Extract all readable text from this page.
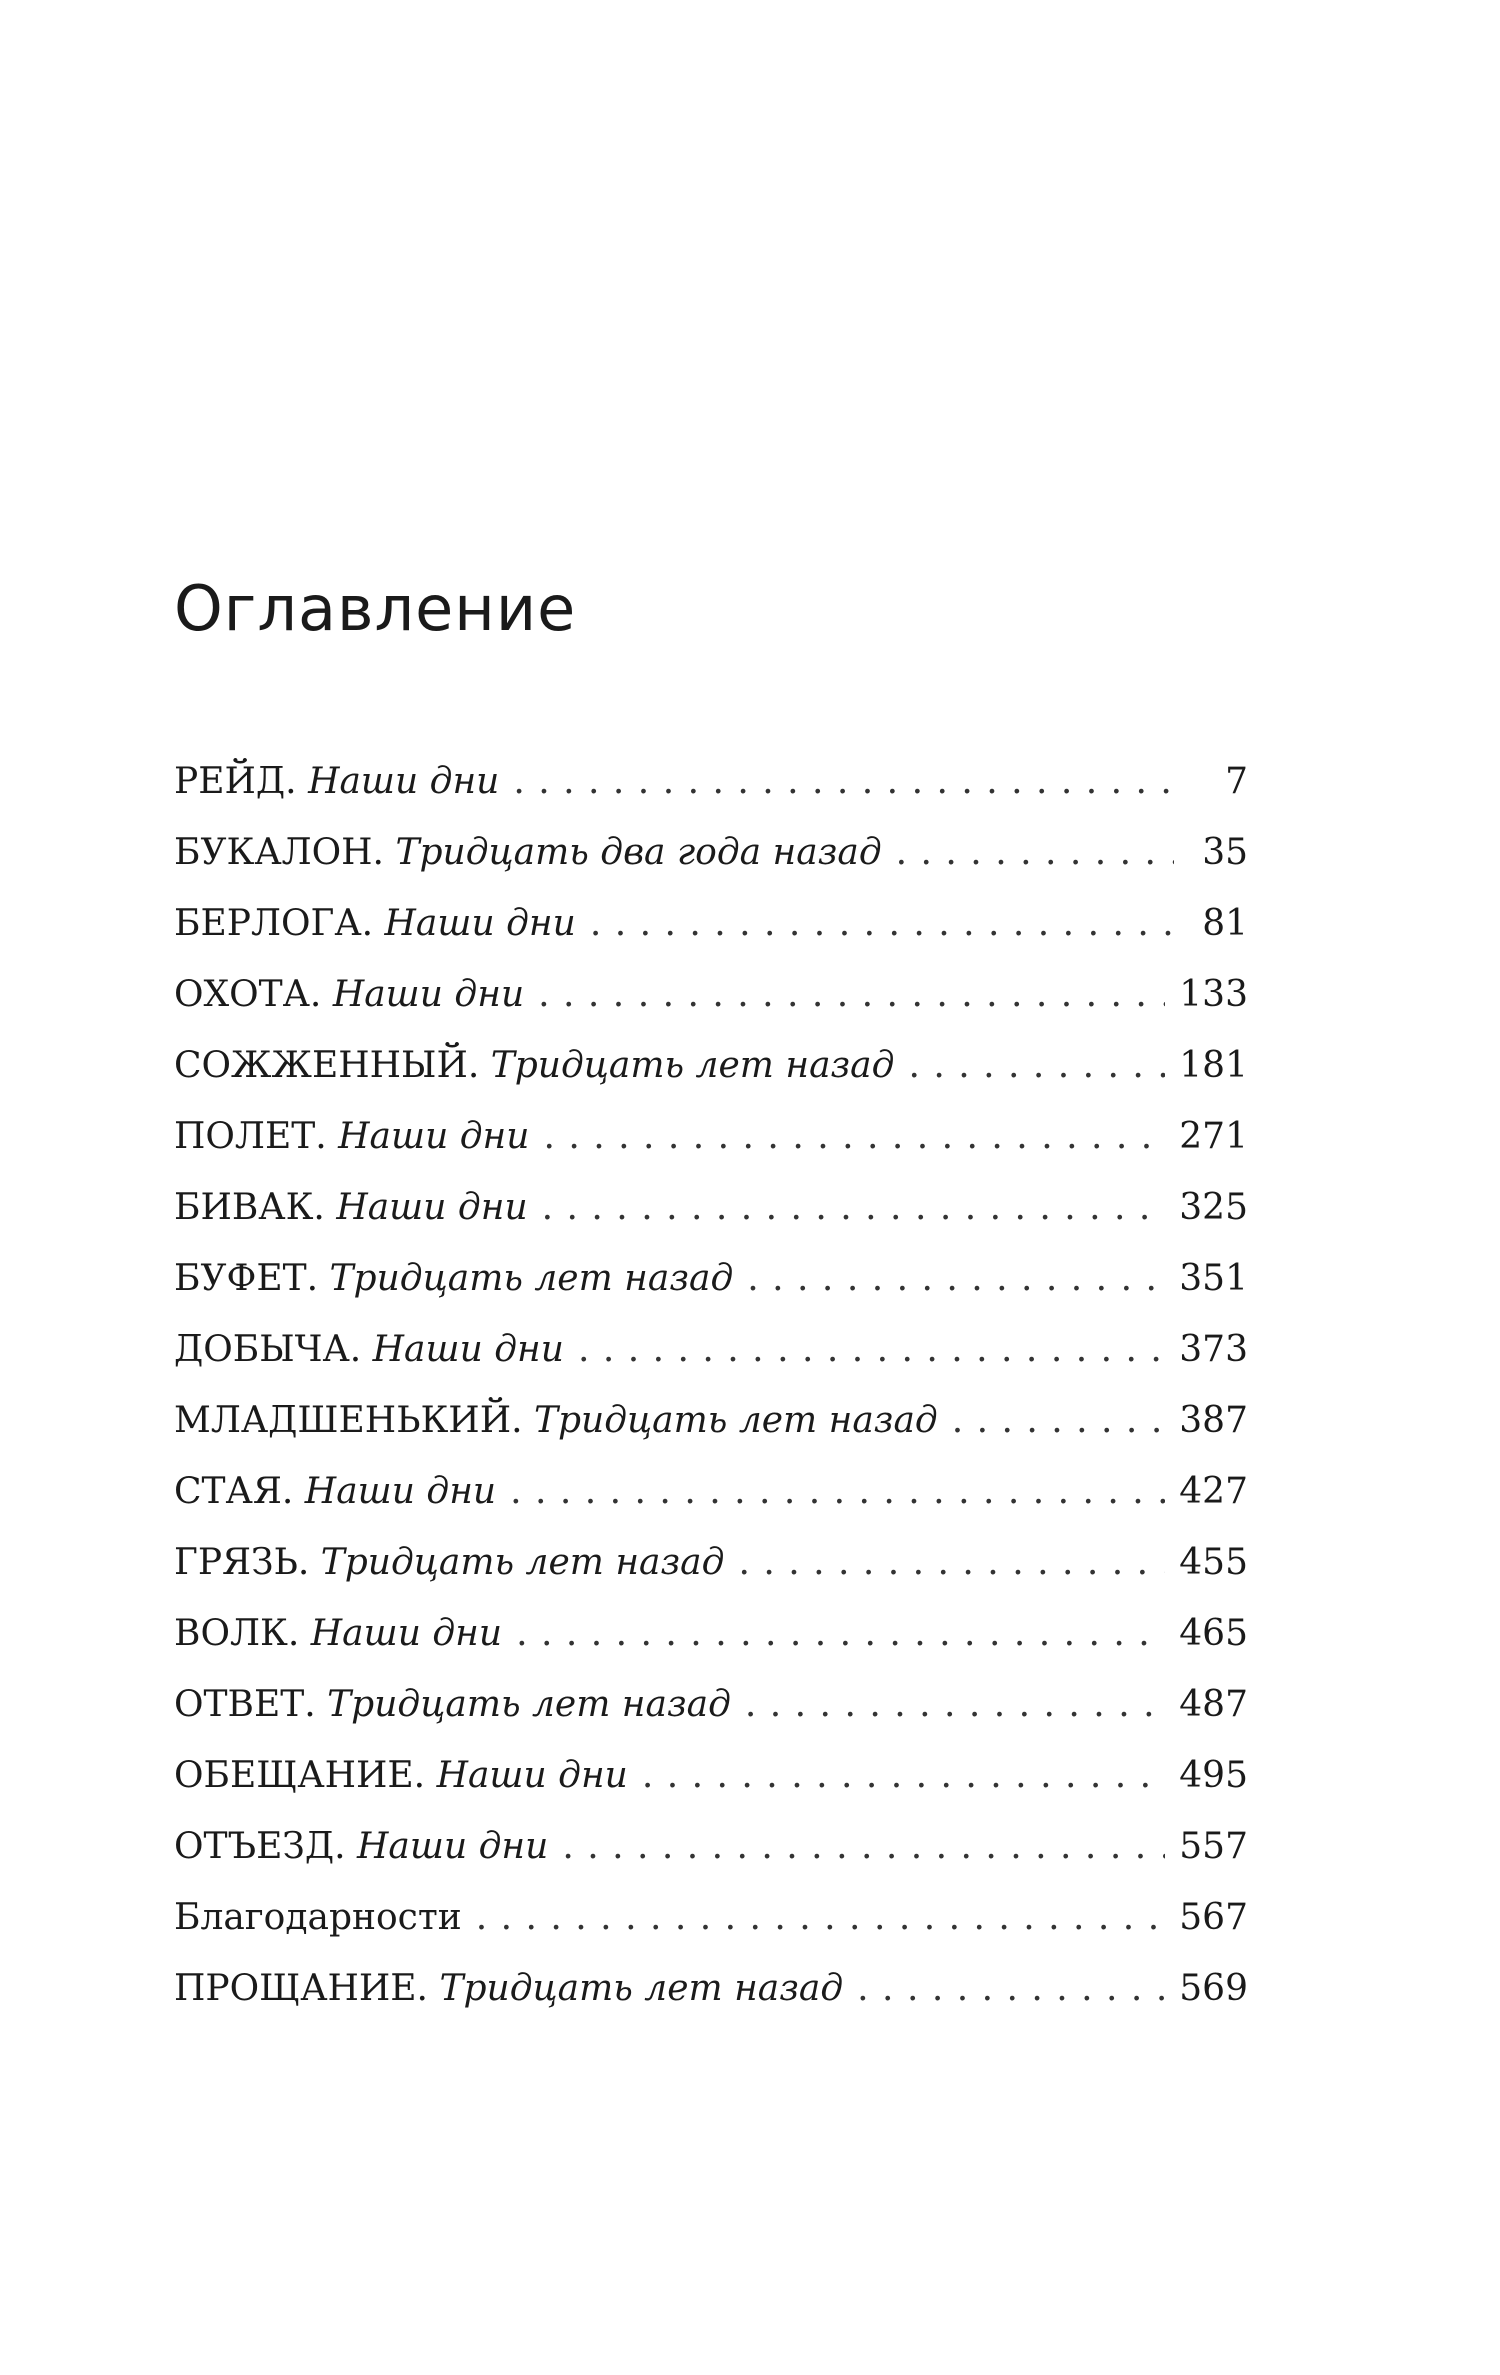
Оглавление
РЕЙД. Наши дни . . .	7
БУКАЛОН. Тридцать два года назад . . .	35
БЕРЛОГА. Наши дни . . .	81
ОХОТА. Наши дни . . .	133
СОЖЖЕННЫЙ. Тридцать лет назад . . .	181
ПОЛЕТ. Наши дни . . .	271
БИВАК. Наши дни . . .	325
БУФЕТ. Тридцать лет назад . . .	351
ДОБЫЧА. Наши дни . . .	373
МЛАДШЕНЬКИЙ. Тридцать лет назад . . .	387
СТАЯ. Наши дни . . .	427
ГРЯЗЬ. Тридцать лет назад . . .	455
ВОЛК. Наши дни . . .	465
ОТВЕТ. Тридцать лет назад . . .	487
ОБЕЩАНИЕ. Наши дни . . .	495
ОТЪЕЗД. Наши дни . . .	557
Благодарности . . .	567
ПРОЩАНИЕ. Тридцать лет назад . . .	569
